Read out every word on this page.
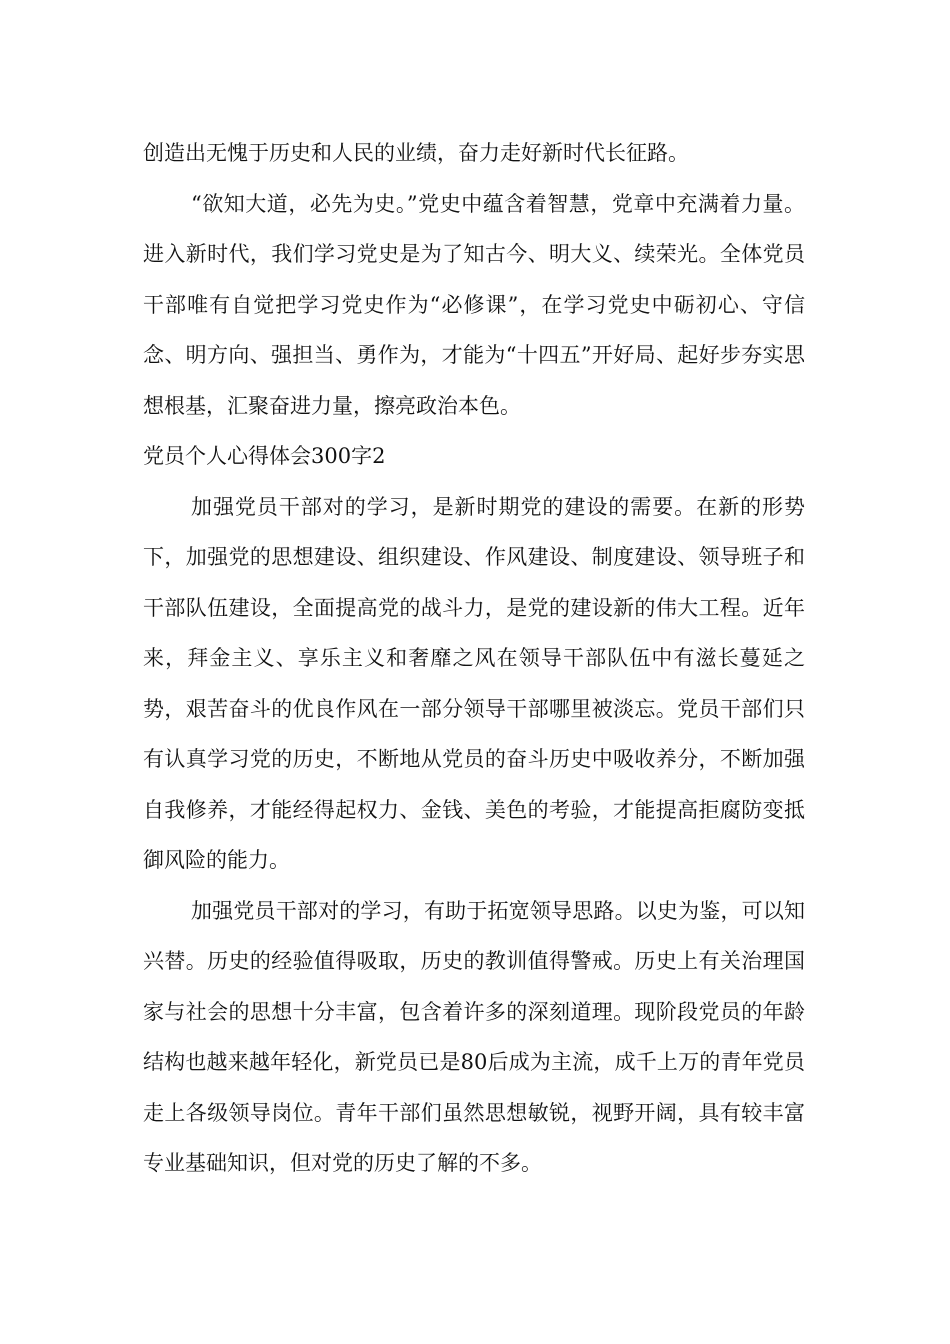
创造出无愧于历史和人民的业绩，奋力走好新时代长征路。

“欲知大道，必先为史。”党史中蕴含着智慧，党章中充满着力量。进入新时代，我们学习党史是为了知古今、明大义、续荣光。全体党员干部唯有自觉把学习党史作为“必修课”，在学习党史中砺初心、守信念、明方向、强担当、勇作为，才能为“十四五”开好局、起好步夯实思想根基，汇聚奋进力量，擦亮政治本色。

党员个人心得体会300字2

加强党员干部对的学习，是新时期党的建设的需要。在新的形势下，加强党的思想建设、组织建设、作风建设、制度建设、领导班子和干部队伍建设，全面提高党的战斗力，是党的建设新的伟大工程。近年来，拜金主义、享乐主义和奢靡之风在领导干部队伍中有滋长蔓延之势，艰苦奋斗的优良作风在一部分领导干部哪里被淡忘。党员干部们只有认真学习党的历史，不断地从党员的奋斗历史中吸收养分，不断加强自我修养，才能经得起权力、金钱、美色的考验，才能提高拒腐防变抵御风险的能力。

加强党员干部对的学习，有助于拓宽领导思路。以史为鉴，可以知兴替。历史的经验值得吸取，历史的教训值得警戒。历史上有关治理国家与社会的思想十分丰富，包含着许多的深刻道理。现阶段党员的年龄结构也越来越年轻化，新党员已是80后成为主流，成千上万的青年党员走上各级领导岗位。青年干部们虽然思想敏锐，视野开阔，具有较丰富专业基础知识，但对党的历史了解的不多。
